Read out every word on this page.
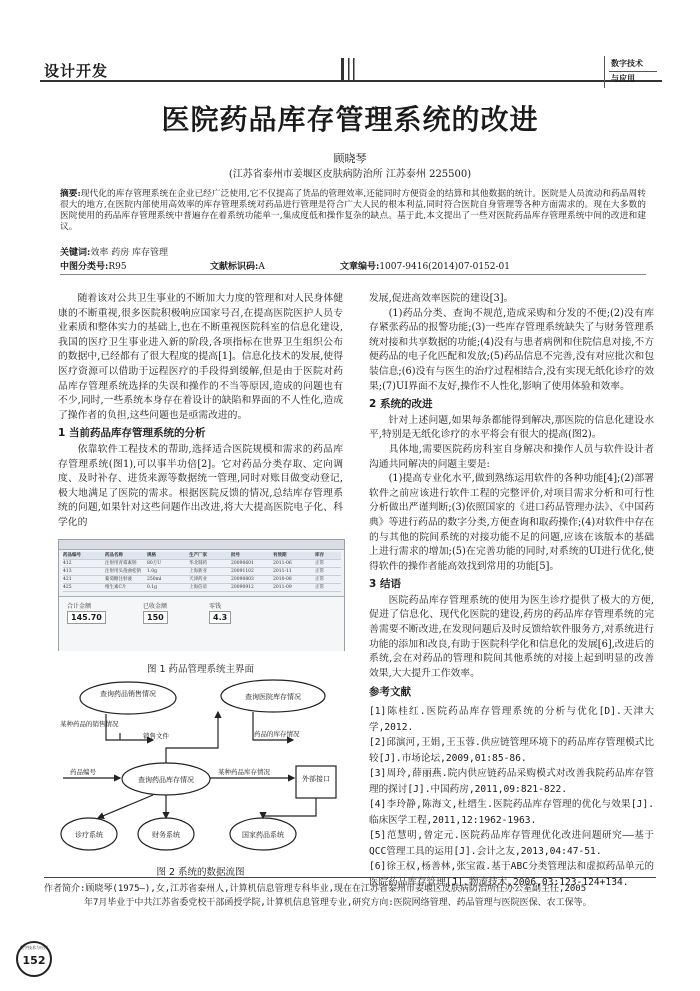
设计开发	数字技术
与应用
医院药品库存管理系统的改进
顾晓琴
(江苏省泰州市姜堰区皮肤病防治所 江苏泰州 225500)
摘要:现代化的库存管理系统在企业已经广泛使用,它不仅提高了货品的管理效率,还能同时方便资金的结算和其他数据的统计。医院是人员流动和药品周转很大的地方,在医院内部使用高效率的库存管理系统对药品进行管理是符合广大人民的根本利益,同时符合医院自身管理等各种方面需求的。现在大多数的医院使用的药品库存管理系统中普遍存在着系统功能单一,集成度低和操作复杂的缺点。基于此,本文提出了一些对医院药品库存管理系统中间的改进和建议。
关键词:效率 药房 库存管理
中图分类号:R95	文献标识码:A	文章编号:1007-9416(2014)07-0152-01

随着该对公共卫生事业的不断加大力度的管理和对人民身体健康的不断重视,很多医院积极响应国家号召,在提高医院医护人员专业素质和整体实力的基础上,也在不断重视医院科室的信息化建设,我国的医疗卫生事业进入新的阶段,各项指标在世界卫生组织公布的数据中,已经都有了很大程度的提高[1]。信息化技术的发展,使得医疗资源可以借助于远程医疗的手段得到缓解,但是由于医院对药品库存管理系统选择的失误和操作的不当等原因,造成的问题也有不少,同时,一些系统本身存在着设计的缺陷和界面的不人性化,造成了操作者的负担,这些问题也是亟需改进的。

1 当前药品库存管理系统的分析

依靠软件工程技术的帮助,选择适合医院规模和需求的药品库存管理系统(图1),可以事半功倍[2]。它对药品分类存取、定向调度、及时补存、进货来源等数据统一管理,同时对账目做变动登记,极大地满足了医院的需求。根据医院反馈的情况,总结库存管理系统的问题,如果针对这些问题作出改进,将大大提高医院电子化、科学化的

药品编号	药品名称	规格	生产厂家	批号	有效期	库存
412	注射用青霉素钠 80万U	华北制药	20090601	2011-06	正常
413	注射用头孢曲松钠 1.0g	上海新亚	20091102	2011-11	正常
421	葡萄糖注射液	250ml	天津药业	20090803	2010-08	正常
425	维生素C片	0.1g	上海信谊	20090912	2011-09	正常
合计金额	已收金额	零钱
145.70	150	4.3
图 1 药品管理系统主界面
查询药品销售情况	查询医院库存情况
查询药品库存情况
诊疗系统	财务系统	国家药品系统
外部接口
某种药品的销售情况
销售文件	药品的库存情况
药品编号	某种药品库存情况
图 2 系统的数据流图

发展,促进高效率医院的建设[3]。

(1)药品分类、查询不规范,造成采购和分发的不便;(2)没有库存紧张药品的报警功能;(3)一些库存管理系统缺失了与财务管理系统对接和共享数据的功能;(4)没有与患者病例和住院信息对接,不方便药品的电子化匹配和发放;(5)药品信息不完善,没有对应批次和包装信息;(6)没有与医生的治疗过程相结合,没有实现无纸化诊疗的效果;(7)UI界面不友好,操作不人性化,影响了使用体验和效率。

2 系统的改进

针对上述问题,如果每条都能得到解决,那医院的信息化建设水平,特别是无纸化诊疗的水平将会有很大的提高(图2)。

具体地,需要医院药房科室自身解决和操作人员与软件设计者沟通共同解决的问题主要是:

(1)提高专业化水平,做到熟练运用软件的各种功能[4];(2)部署软件之前应该进行软件工程的完整评价,对项目需求分析和可行性分析做出严谨判断;(3)依照国家的《进口药品管理办法》、《中国药典》等进行药品的数字分类,方便查询和取药操作;(4)对软件中存在的与其他的院间系统的对接功能不足的问题,应该在该版本的基础上进行需求的增加;(5)在完善功能的同时,对系统的UI进行优化,使得软件的操作者能高效找到常用的功能[5]。

3 结语

医院药品库存管理系统的使用为医生诊疗提供了极大的方便,促进了信息化、现代化医院的建设,药房的药品库存管理系统的完善需要不断改进,在发现问题后及时反馈给软件服务方,对系统进行功能的添加和改良,有助于医院科学化和信息化的发展[6],改进后的系统,会在对药品的管理和院间其他系统的对接上起到明显的改善效果,大大提升工作效率。

参考文献

[1]陈桂红.医院药品库存管理系统的分析与优化[D].天津大学,2012.

[2]邱演河,王娟,王玉蓉.供应链管理环境下的药品库存管理模式比较[J].市场论坛,2009,01:85-86.

[3]周玲,薛丽燕.院内供应链药品采购模式对改善我院药品库存管理的探讨[J].中国药房,2011,09:821-822.

[4]李玲静,陈海文,杜缙生.医院药品库存管理的优化与效果[J].临床医学工程,2011,12:1962-1963.

[5]范慧明,曾定元.医院药品库存管理优化改进问题研究——基于QCC管理工具的运用[J].会计之友,2013,04:47-51.

[6]徐王权,杨善林,张宝霞.基于ABC分类管理法和虚拟药品单元的医院药品库存管理[J].物流技术,2006,03:123-124+134.

作者简介:顾晓琴(1975—),女,江苏省泰州人,计算机信息管理专科毕业,现在在江苏省泰州市姜堰区皮肤病防治所任办公室副主任,2005
年7月毕业于中共江苏省委党校干部函授学院,计算机信息管理专业,研究方向:医院网络管理、药品管理与医院医保、农工保等。
数字技术与应用
152
